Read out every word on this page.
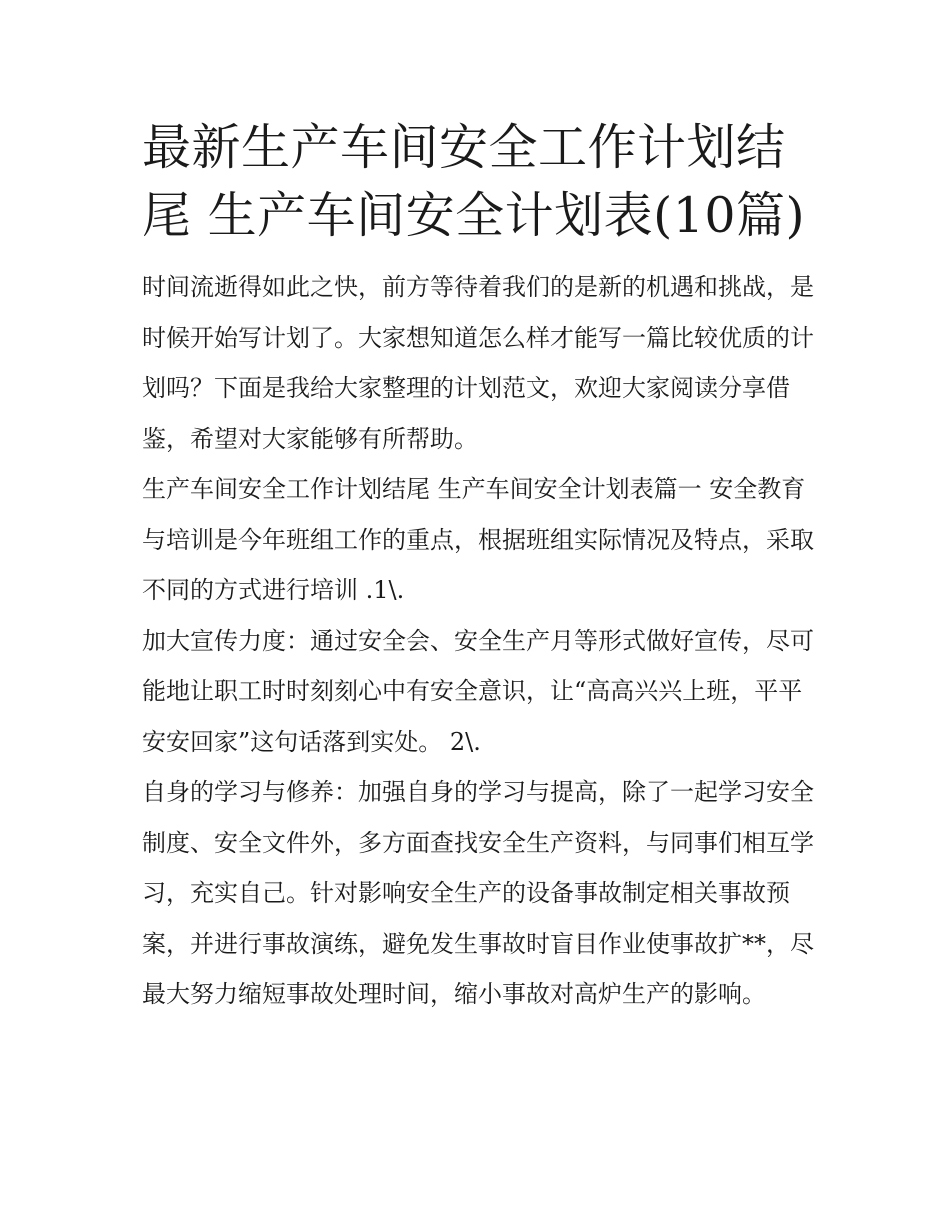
最新生产车间安全工作计划结尾 生产车间安全计划表(10篇)

时间流逝得如此之快，前方等待着我们的是新的机遇和挑战，是时候开始写计划了。大家想知道怎么样才能写一篇比较优质的计划吗？下面是我给大家整理的计划范文，欢迎大家阅读分享借鉴，希望对大家能够有所帮助。

生产车间安全工作计划结尾 生产车间安全计划表篇一 安全教育与培训是今年班组工作的重点，根据班组实际情况及特点，采取不同的方式进行培训 .1\.

加大宣传力度：通过安全会、安全生产月等形式做好宣传，尽可能地让职工时时刻刻心中有安全意识，让“高高兴兴上班，平平安安回家”这句话落到实处。 2\.

自身的学习与修养：加强自身的学习与提高，除了一起学习安全制度、安全文件外，多方面查找安全生产资料，与同事们相互学习，充实自己。针对影响安全生产的设备事故制定相关事故预案，并进行事故演练，避免发生事故时盲目作业使事故扩**，尽最大努力缩短事故处理时间，缩小事故对高炉生产的影响。
